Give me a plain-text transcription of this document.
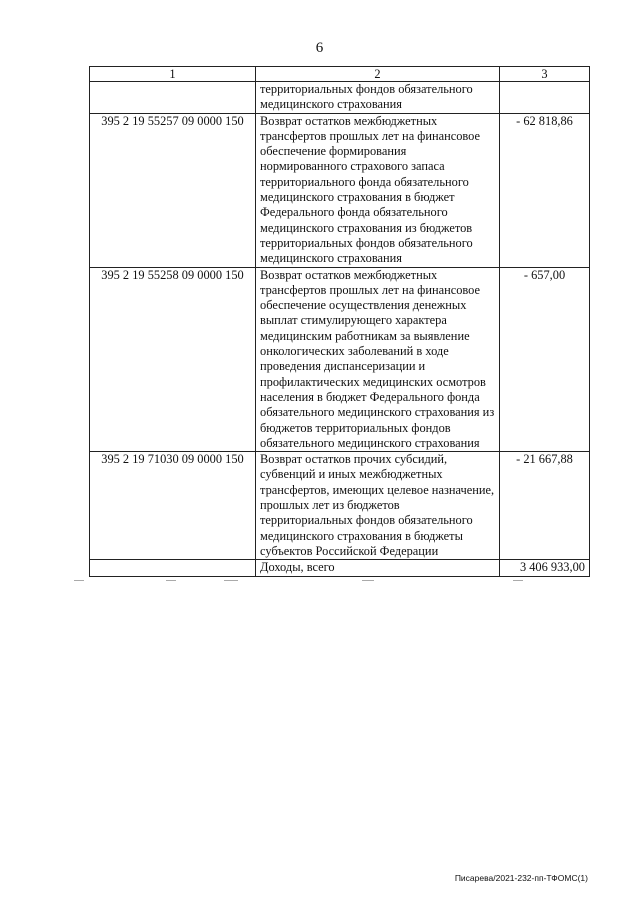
6
1	2	3
	территориальных фондов обязательного медицинского страхования	
395 2 19 55257 09 0000 150	Возврат остатков межбюджетных трансфертов прошлых лет на финансовое обеспечение формирования нормированного страхового запаса территориального фонда обязательного медицинского страхования в бюджет Федерального фонда обязательного медицинского страхования из бюджетов территориальных фондов обязательного медицинского страхования	- 62 818,86
395 2 19 55258 09 0000 150	Возврат остатков межбюджетных трансфертов прошлых лет на финансовое обеспечение осуществления денежных выплат стимулирующего характера медицинским работникам за выявление онкологических заболеваний в ходе проведения диспансеризации и профилактических медицинских осмотров населения в бюджет Федерального фонда обязательного медицинского страхования из бюджетов территориальных фондов обязательного медицинского страхования	- 657,00
395 2 19 71030 09 0000 150	Возврат остатков прочих субсидий, субвенций и иных межбюджетных трансфертов, имеющих целевое назначение, прошлых лет из бюджетов территориальных фондов обязательного медицинского страхования в бюджеты субъектов Российской Федерации	- 21 667,88
	Доходы, всего	3 406 933,00
Писарева/2021-232-пп-ТФОМС(1)
